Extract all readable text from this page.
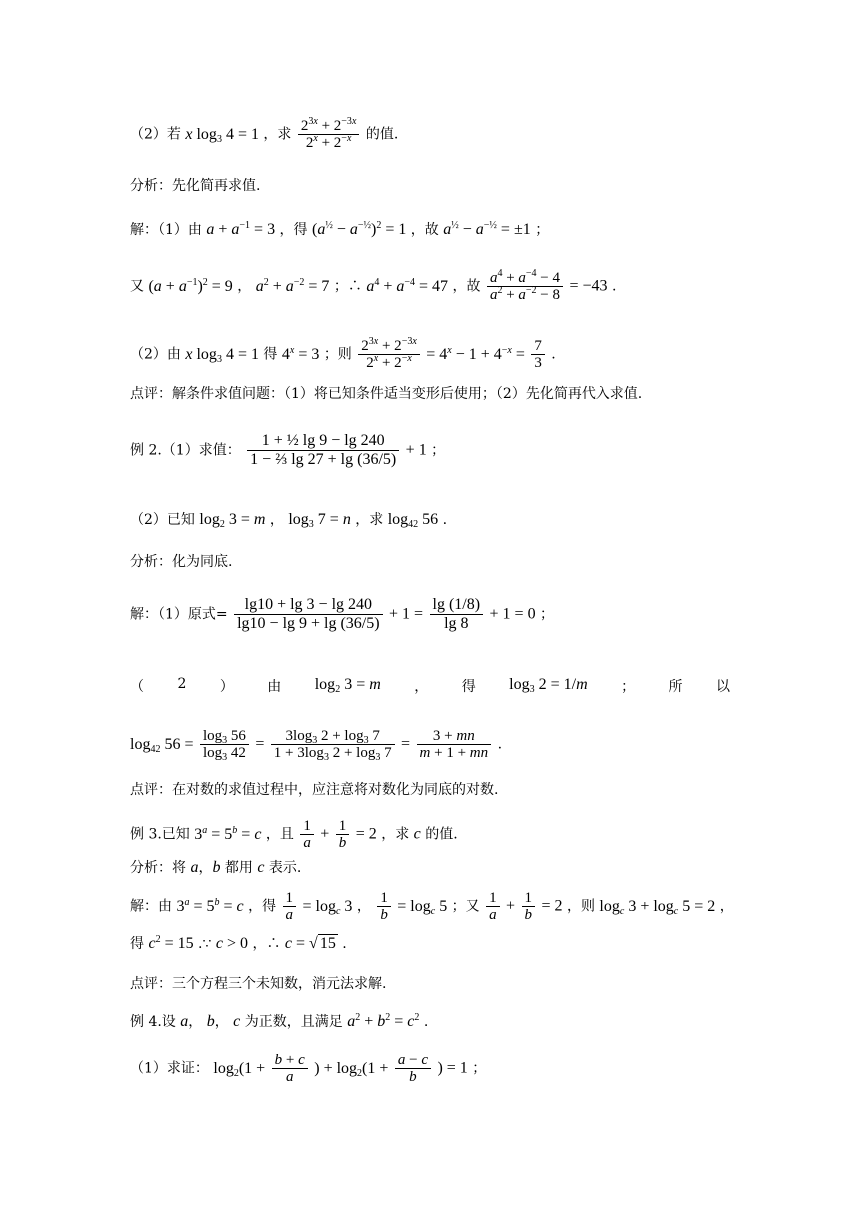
（2）若 x $\log_3 4 = 1$ ，求 $\frac{2^{3x} + 2^{-3x}}{2^x + 2^{-x}}$ 的值.
分析：先化简再求值.
解：（1）由 $a + a^{-1} = 3$ ，得 $(a^{\frac{1}{2}} - a^{-\frac{1}{2}})^2 = 1$ ，故 $a^{\frac{1}{2}} - a^{-\frac{1}{2}} = \pm 1$ ；
又 $(a + a^{-1})^2 = 9$ ， $a^2 + a^{-2} = 7$ ；∴ $a^4 + a^{-4} = 47$ ，故 $\frac{a^4 + a^{-4} - 4}{a^2 + a^{-2} - 8} = -43$ .
（2）由 x $\log_3 4 = 1$ 得 $4^x = 3$ ；则 $\frac{2^{3x} + 2^{-3x}}{2^x + 2^{-x}} = 4^x - 1 + 4^{-x} = \frac{7}{3}$ .
点评：解条件求值问题：（1）将已知条件适当变形后使用；（2）先化简再代入求值.
例 2.（1）求值： $\frac{\text{1 + ½ lg 9 − lg 240}}{\text{1 − ⅔ lg 27 + lg (36/5)}} + 1$ ；
（2）已知 $\log_2 3 = m$ ， $\log_3 7 = n$ ，求 $\log_{42} 56$ .
分析：化为同底.
解：（1）原式= $\frac{\lg 10 + \lg 3 - \lg 240}{\lg 10 - \lg 9 + \lg (36/5)} + 1 = \frac{\lg (1/8)}{\lg 8} + 1 = 0$ ；
（ 2 ） 由 $\log_2 3 = m$ ， 得 $\log_3 2 = 1/m$ ； 所 以
$\log_{42} 56 = \frac{\log_3 56}{\log_3 42} = \frac{3\log_3 2 + \log_3 7}{1 + 3\log_3 2 + \log_3 7} = \frac{3 + mn}{m + 1 + mn}$ .
点评：在对数的求值过程中，应注意将对数化为同底的对数.
例 3.已知 $3^a = 5^b = c$ ，且 $\frac{1}{a} + \frac{1}{b} = 2$ ，求 c 的值.
分析：将 a，b 都用 c 表示.
解：由 $3^a = 5^b = c$ ，得 $\frac{1}{a} = \log_c 3$ ， $\frac{1}{b} = \log_c 5$ ；又 $\frac{1}{a} + \frac{1}{b} = 2$ ，则 $\log_c 3 + \log_c 5 = 2$ ，
得 $c^2 = 15$ .∵ c > 0 ，∴ c = √ 15 .
点评：三个方程三个未知数，消元法求解.
例 4.设 a， b， c 为正数，且满足 $a^2 + b^2 = c^2$ .
（1）求证： $\log_2(1 + \frac{b + c}{a}$ ) + $\log_2(1 + \frac{a - c}{b}$ ) = 1 ；
